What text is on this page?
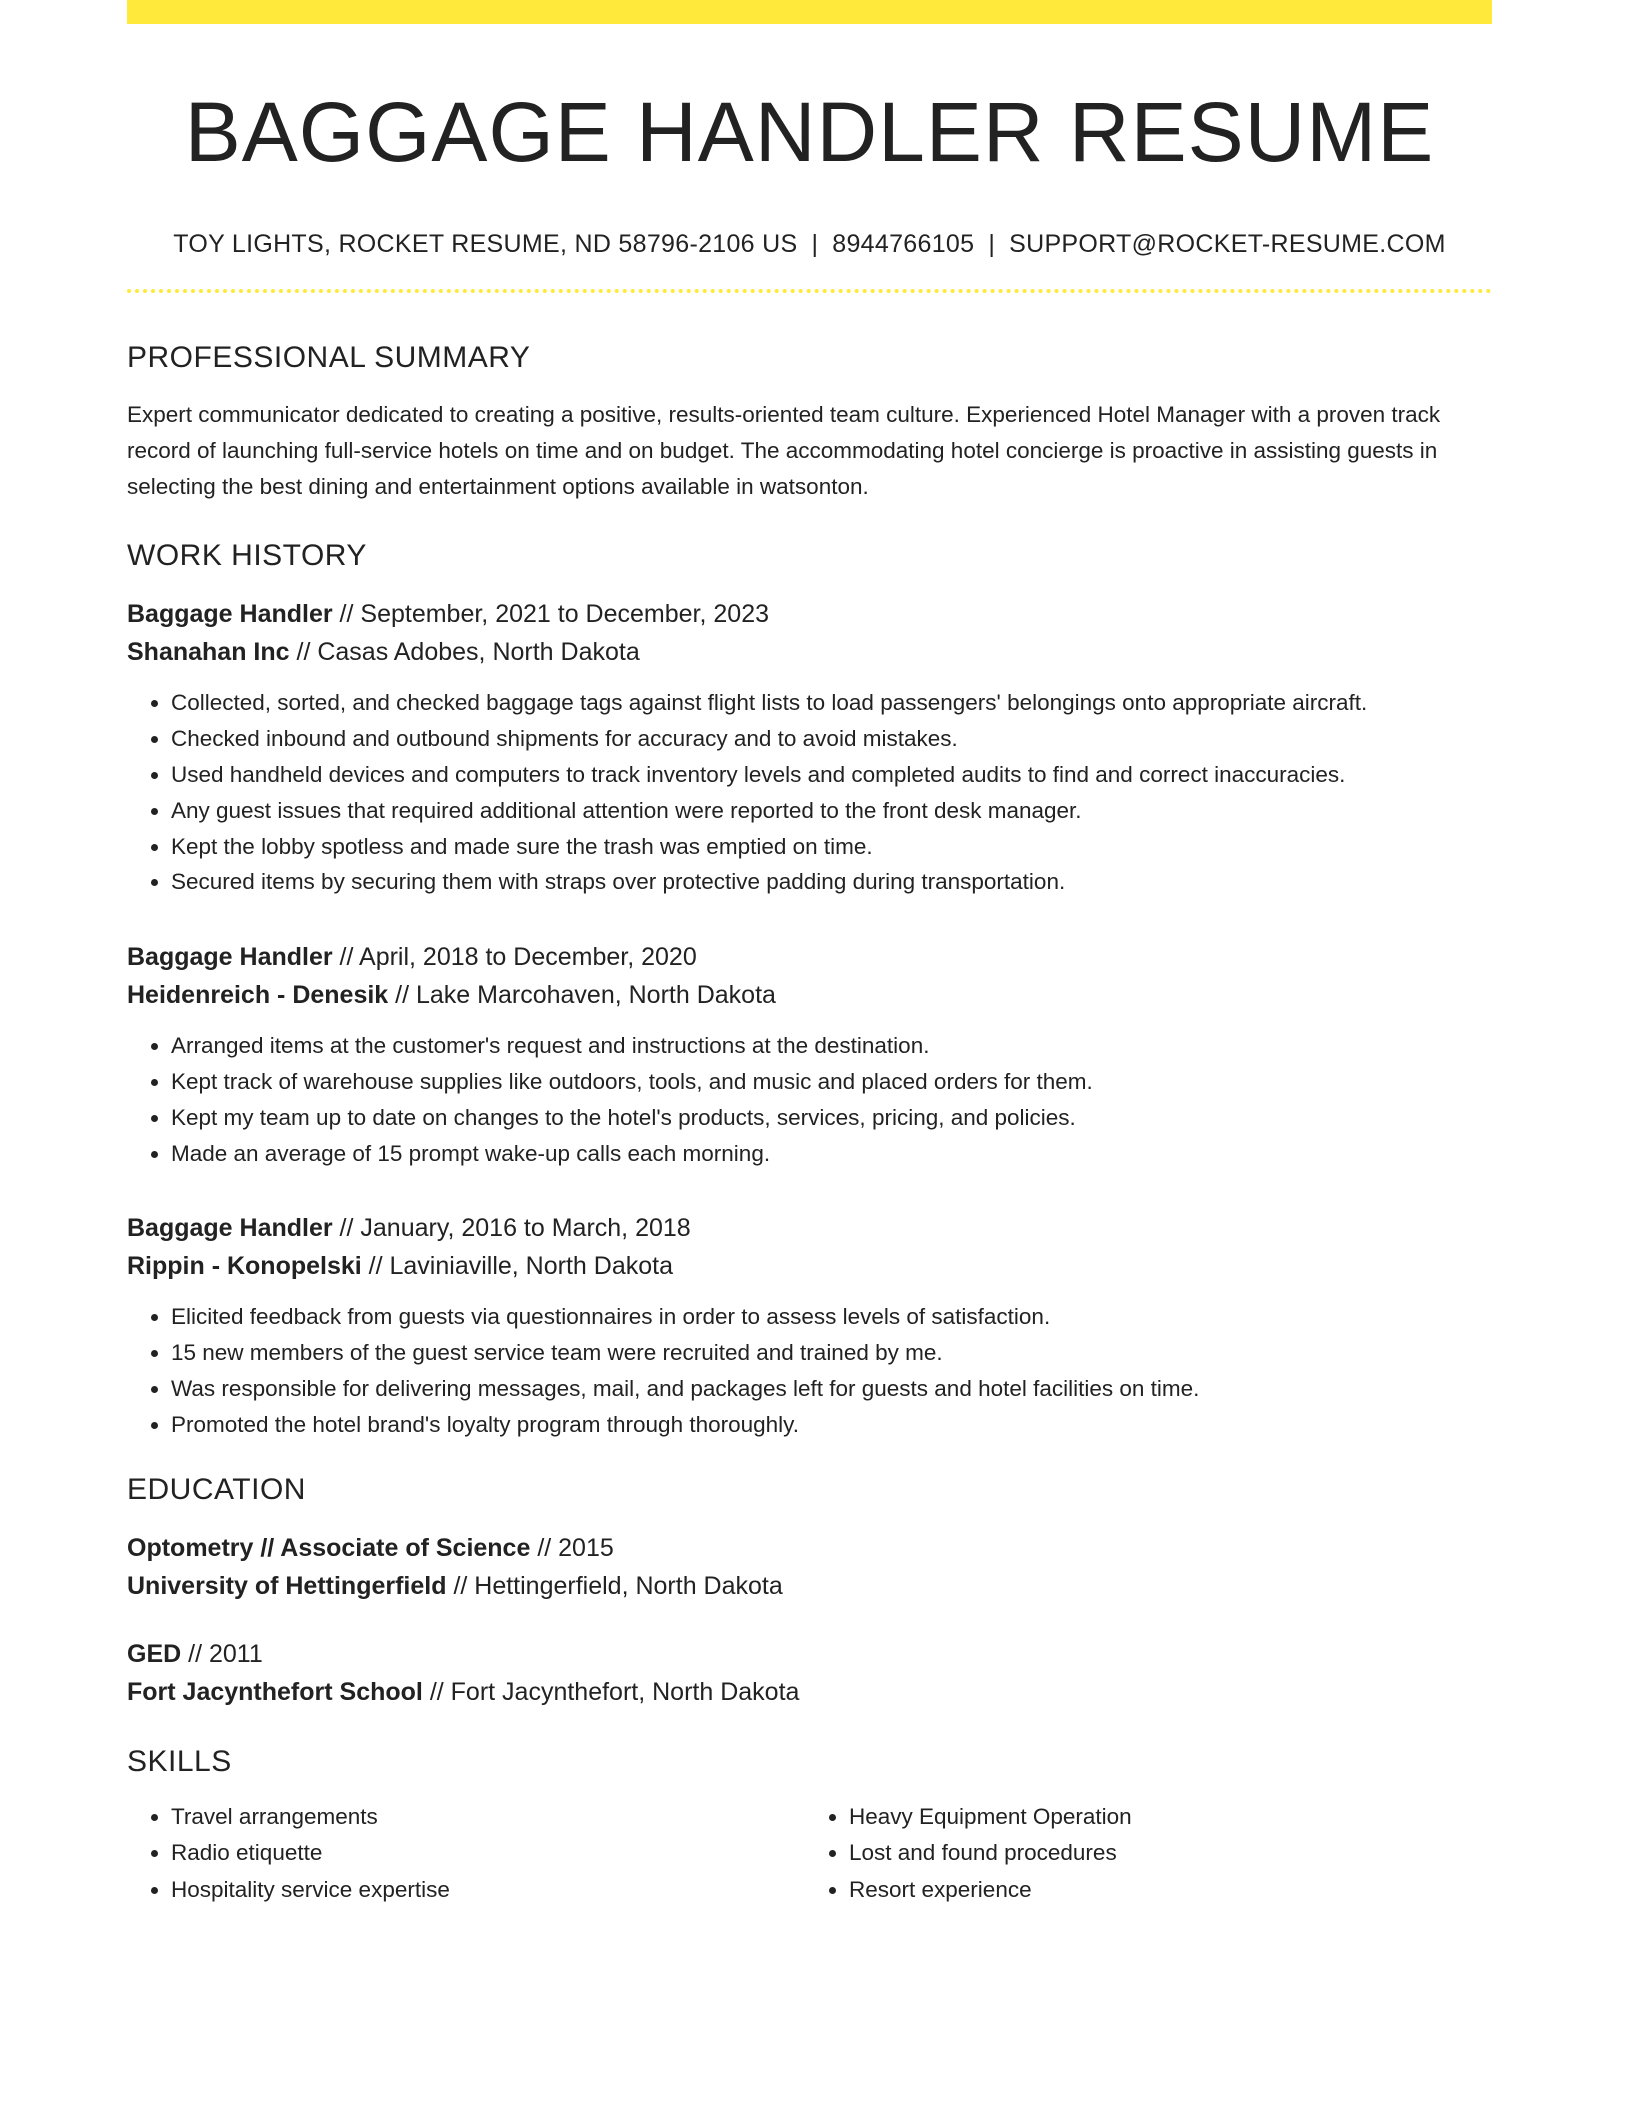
BAGGAGE HANDLER RESUME
TOY LIGHTS, ROCKET RESUME, ND 58796-2106 US | 8944766105 | SUPPORT@ROCKET-RESUME.COM
PROFESSIONAL SUMMARY
Expert communicator dedicated to creating a positive, results-oriented team culture. Experienced Hotel Manager with a proven track record of launching full-service hotels on time and on budget. The accommodating hotel concierge is proactive in assisting guests in selecting the best dining and entertainment options available in watsonton.
WORK HISTORY
Baggage Handler // September, 2021 to December, 2023
Shanahan Inc // Casas Adobes, North Dakota
• Collected, sorted, and checked baggage tags against flight lists to load passengers' belongings onto appropriate aircraft.
• Checked inbound and outbound shipments for accuracy and to avoid mistakes.
• Used handheld devices and computers to track inventory levels and completed audits to find and correct inaccuracies.
• Any guest issues that required additional attention were reported to the front desk manager.
• Kept the lobby spotless and made sure the trash was emptied on time.
• Secured items by securing them with straps over protective padding during transportation.
Baggage Handler // April, 2018 to December, 2020
Heidenreich - Denesik // Lake Marcohaven, North Dakota
• Arranged items at the customer's request and instructions at the destination.
• Kept track of warehouse supplies like outdoors, tools, and music and placed orders for them.
• Kept my team up to date on changes to the hotel's products, services, pricing, and policies.
• Made an average of 15 prompt wake-up calls each morning.
Baggage Handler // January, 2016 to March, 2018
Rippin - Konopelski // Laviniaville, North Dakota
• Elicited feedback from guests via questionnaires in order to assess levels of satisfaction.
• 15 new members of the guest service team were recruited and trained by me.
• Was responsible for delivering messages, mail, and packages left for guests and hotel facilities on time.
• Promoted the hotel brand's loyalty program through thoroughly.
EDUCATION
Optometry // Associate of Science // 2015
University of Hettingerfield // Hettingerfield, North Dakota
GED // 2011
Fort Jacynthefort School // Fort Jacynthefort, North Dakota
SKILLS
• Travel arrangements
• Radio etiquette
• Hospitality service expertise
• Heavy Equipment Operation
• Lost and found procedures
• Resort experience
